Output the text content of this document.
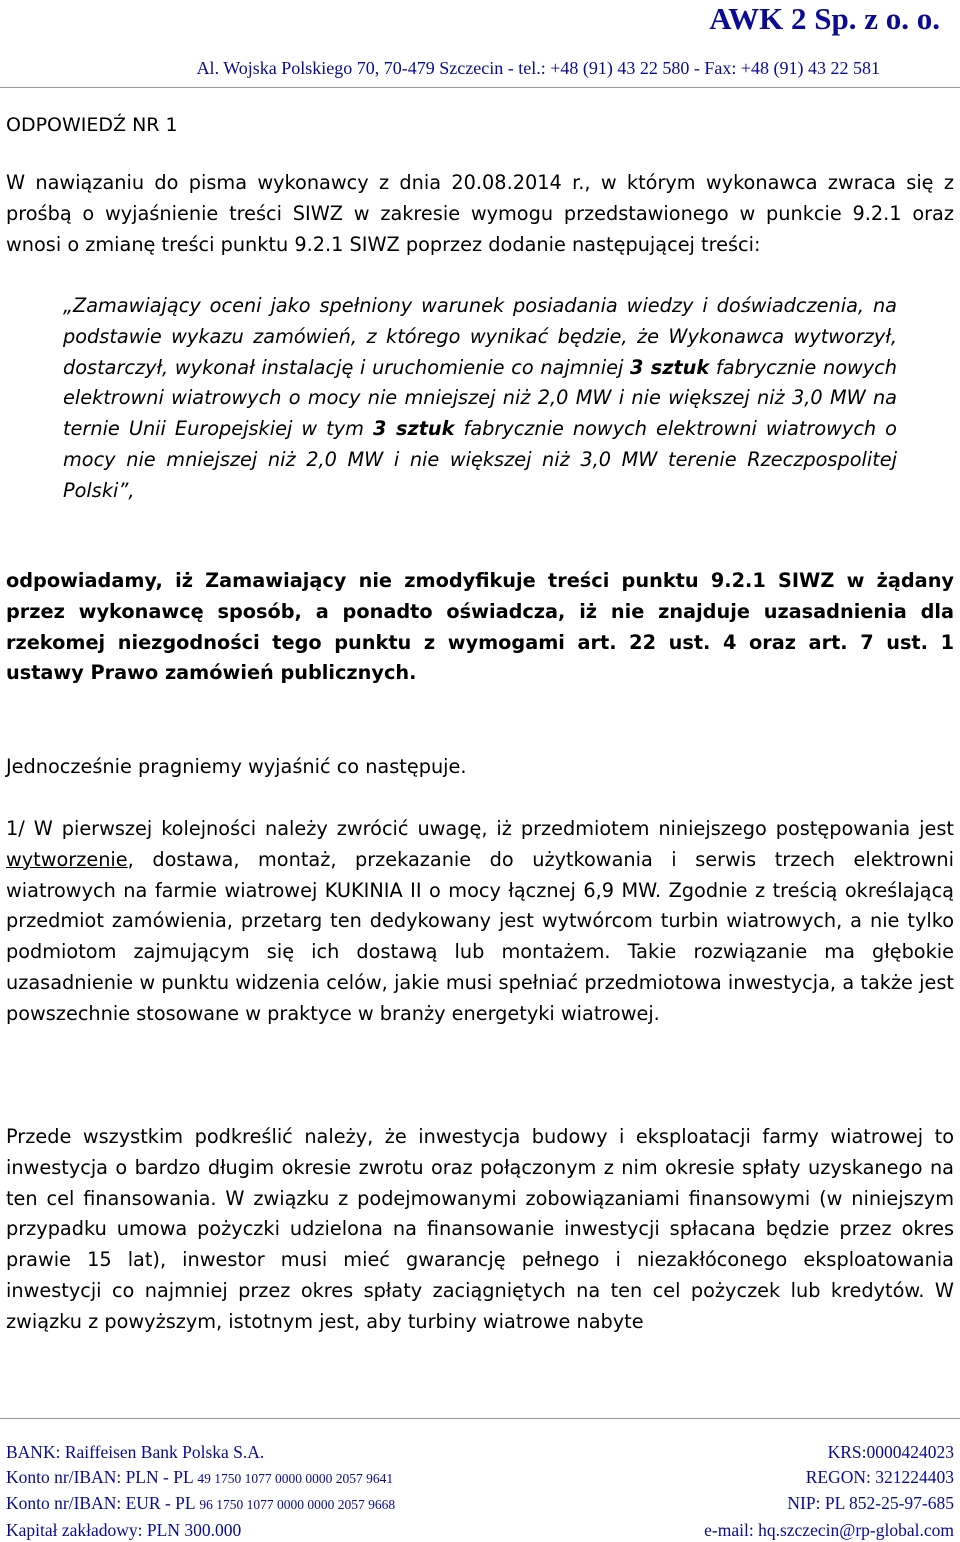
AWK 2 Sp. z o. o.
Al. Wojska Polskiego 70, 70-479 Szczecin - tel.: +48 (91) 43 22 580 - Fax: +48 (91) 43 22 581
ODPOWIEDŹ NR 1
W nawiązaniu do pisma wykonawcy z dnia 20.08.2014 r., w którym wykonawca zwraca się z prośbą o wyjaśnienie treści SIWZ w zakresie wymogu przedstawionego w punkcie 9.2.1 oraz wnosi o zmianę treści punktu 9.2.1 SIWZ poprzez dodanie następującej treści:
„Zamawiający oceni jako spełniony warunek posiadania wiedzy i doświadczenia, na podstawie wykazu zamówień, z którego wynikać będzie, że Wykonawca wytworzył, dostarczył, wykonał instalację i uruchomienie co najmniej 3 sztuk fabrycznie nowych elektrowni wiatrowych o mocy nie mniejszej niż 2,0 MW i nie większej niż 3,0 MW na ternie Unii Europejskiej w tym 3 sztuk fabrycznie nowych elektrowni wiatrowych o mocy nie mniejszej niż 2,0 MW i nie większej niż 3,0 MW terenie Rzeczpospolitej Polski”,
odpowiadamy, iż Zamawiający nie zmodyfikuje treści punktu 9.2.1 SIWZ w żądany przez wykonawcę sposób, a ponadto oświadcza, iż nie znajduje uzasadnienia dla rzekomej niezgodności tego punktu z wymogami art. 22 ust. 4 oraz art. 7 ust. 1 ustawy Prawo zamówień publicznych.
Jednocześnie pragniemy wyjaśnić co następuje.
1/ W pierwszej kolejności należy zwrócić uwagę, iż przedmiotem niniejszego postępowania jest wytworzenie, dostawa, montaż, przekazanie do użytkowania i serwis trzech elektrowni wiatrowych na farmie wiatrowej KUKINIA II o mocy łącznej 6,9 MW. Zgodnie z treścią określającą przedmiot zamówienia, przetarg ten dedykowany jest wytwórcom turbin wiatrowych, a nie tylko podmiotom zajmującym się ich dostawą lub montażem. Takie rozwiązanie ma głębokie uzasadnienie w punktu widzenia celów, jakie musi spełniać przedmiotowa inwestycja, a także jest powszechnie stosowane w praktyce w branży energetyki wiatrowej.
Przede wszystkim podkreślić należy, że inwestycja budowy i eksploatacji farmy wiatrowej to inwestycja o bardzo długim okresie zwrotu oraz połączonym z nim okresie spłaty uzyskanego na ten cel finansowania. W związku z podejmowanymi zobowiązaniami finansowymi (w niniejszym przypadku umowa pożyczki udzielona na finansowanie inwestycji spłacana będzie przez okres prawie 15 lat), inwestor musi mieć gwarancję pełnego i niezakłóconego eksploatowania inwestycji co najmniej przez okres spłaty zaciągniętych na ten cel pożyczek lub kredytów. W związku z powyższym, istotnym jest, aby turbiny wiatrowe nabyte
BANK: Raiffeisen Bank Polska S.A.	KRS:0000424023
Konto nr/IBAN: PLN - PL 49 1750 1077 0000 0000 2057 9641	REGON: 321224403
Konto nr/IBAN: EUR - PL 96 1750 1077 0000 0000 2057 9668	NIP: PL 852-25-97-685
Kapitał zakładowy: PLN 300.000	e-mail: hq.szczecin@rp-global.com
